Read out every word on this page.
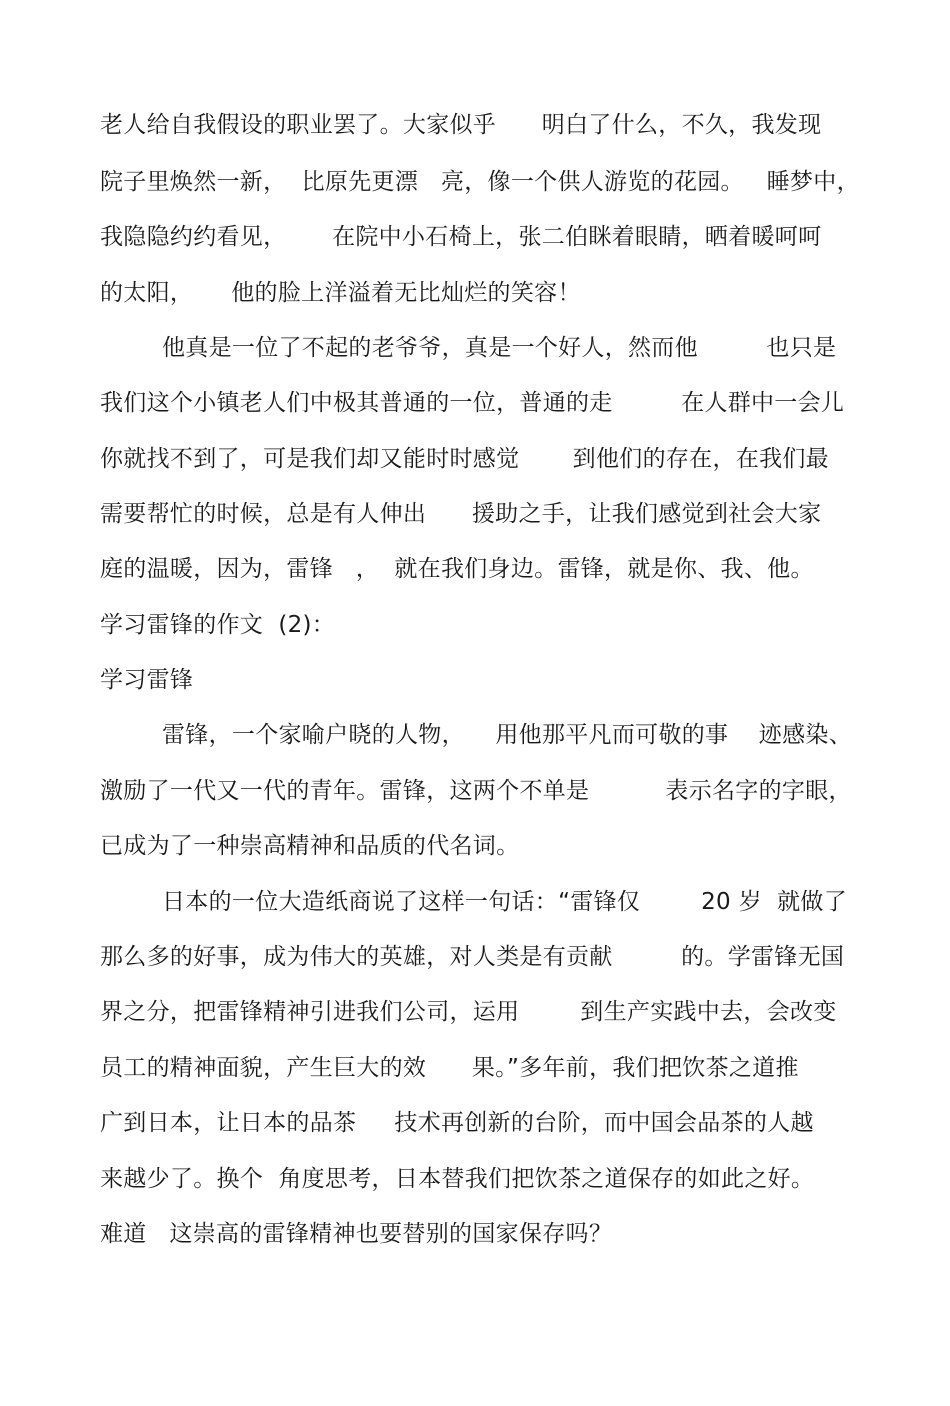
老人给自我假设的职业罢了。大家似乎      明白了什么，不久，我发现
院子里焕然一新，  比原先更漂   亮，像一个供人游览的花园。   睡梦中，
我隐隐约约看见，      在院中小石椅上，张二伯眯着眼睛，晒着暖呵呵
的太阳，     他的脸上洋溢着无比灿烂的笑容！
他真是一位了不起的老爷爷，真是一个好人，然而他         也只是
我们这个小镇老人们中极其普通的一位，普通的走         在人群中一会儿
你就找不到了，可是我们却又能时时感觉       到他们的存在，在我们最
需要帮忙的时候，总是有人伸出      援助之手，让我们感觉到社会大家
庭的温暖，因为，雷锋   ，  就在我们身边。雷锋，就是你、我、他。
学习雷锋的作文  (2)：
学习雷锋
雷锋，一个家喻户晓的人物，    用他那平凡而可敬的事    迹感染、
激励了一代又一代的青年。雷锋，这两个不单是          表示名字的字眼，
已成为了一种崇高精神和品质的代名词。
日本的一位大造纸商说了这样一句话：“雷锋仅        20 岁  就做了
那么多的好事，成为伟大的英雄，对人类是有贡献         的。学雷锋无国
界之分，把雷锋精神引进我们公司，运用        到生产实践中去，会改变
员工的精神面貌，产生巨大的效      果。”多年前，我们把饮茶之道推
广到日本，让日本的品茶     技术再创新的台阶，而中国会品茶的人越
来越少了。换个  角度思考，日本替我们把饮茶之道保存的如此之好。
难道   这崇高的雷锋精神也要替别的国家保存吗？
